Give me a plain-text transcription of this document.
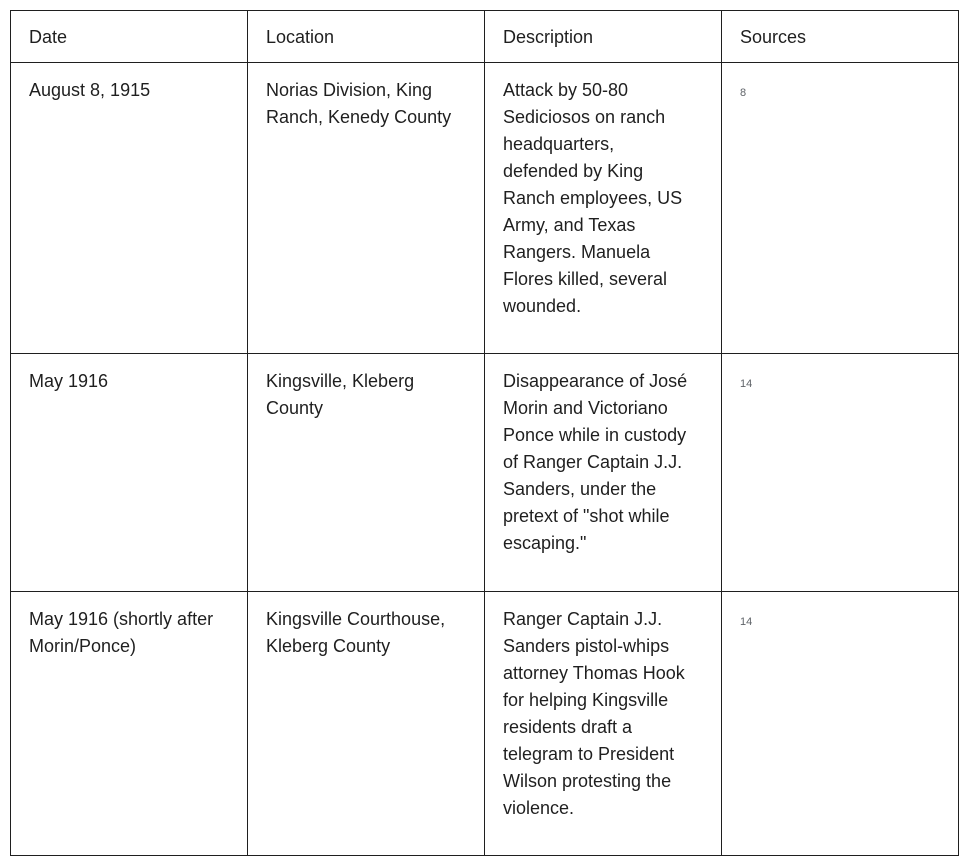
Date	Location	Description	Sources
August 8, 1915	Norias Division, King Ranch, Kenedy County	Attack by 50-80 Sediciosos on ranch headquarters, defended by King Ranch employees, US Army, and Texas Rangers. Manuela Flores killed, several wounded.	8
May 1916	Kingsville, Kleberg County	Disappearance of José Morin and Victoriano Ponce while in custody of Ranger Captain J.J. Sanders, under the pretext of "shot while escaping."	14
May 1916 (shortly after Morin/Ponce)	Kingsville Courthouse, Kleberg County	Ranger Captain J.J. Sanders pistol-whips attorney Thomas Hook for helping Kingsville residents draft a telegram to President Wilson protesting the violence.	14
